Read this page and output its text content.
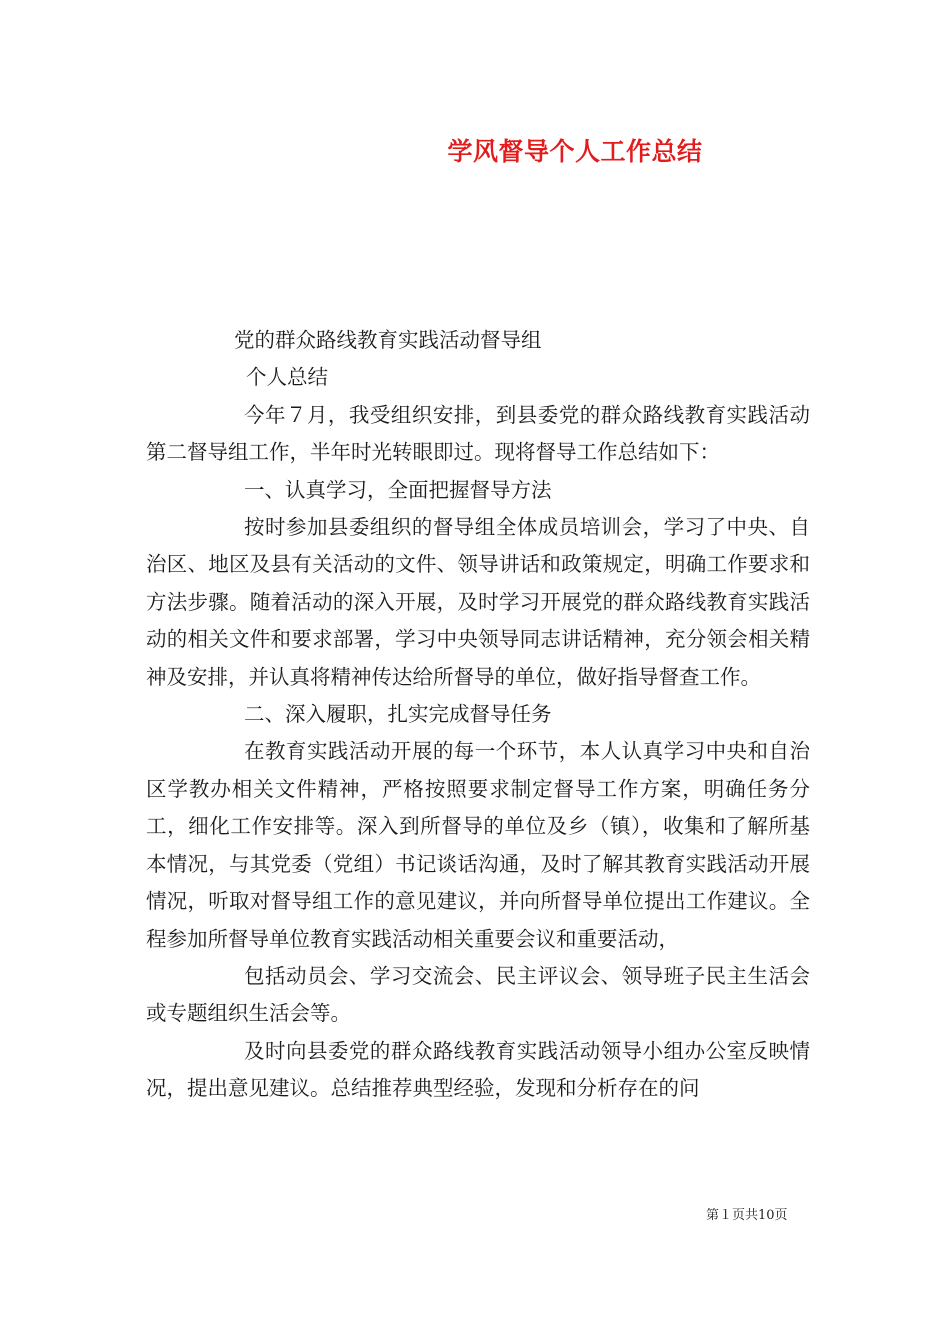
学风督导个人工作总结

党的群众路线教育实践活动督导组

个人总结

今年７月，我受组织安排，到县委党的群众路线教育实践活动第二督导组工作，半年时光转眼即过。现将督导工作总结如下：

一、认真学习，全面把握督导方法

按时参加县委组织的督导组全体成员培训会，学习了中央、自治区、地区及县有关活动的文件、领导讲话和政策规定，明确工作要求和方法步骤。随着活动的深入开展，及时学习开展党的群众路线教育实践活动的相关文件和要求部署，学习中央领导同志讲话精神，充分领会相关精神及安排，并认真将精神传达给所督导的单位，做好指导督查工作。

二、深入履职，扎实完成督导任务

在教育实践活动开展的每一个环节，本人认真学习中央和自治区学教办相关文件精神，严格按照要求制定督导工作方案，明确任务分工，细化工作安排等。深入到所督导的单位及乡（镇），收集和了解所基本情况，与其党委（党组）书记谈话沟通，及时了解其教育实践活动开展情况，听取对督导组工作的意见建议，并向所督导单位提出工作建议。全程参加所督导单位教育实践活动相关重要会议和重要活动，

包括动员会、学习交流会、民主评议会、领导班子民主生活会或专题组织生活会等。

及时向县委党的群众路线教育实践活动领导小组办公室反映情况，提出意见建议。总结推荐典型经验，发现和分析存在的问

第１页共10页
